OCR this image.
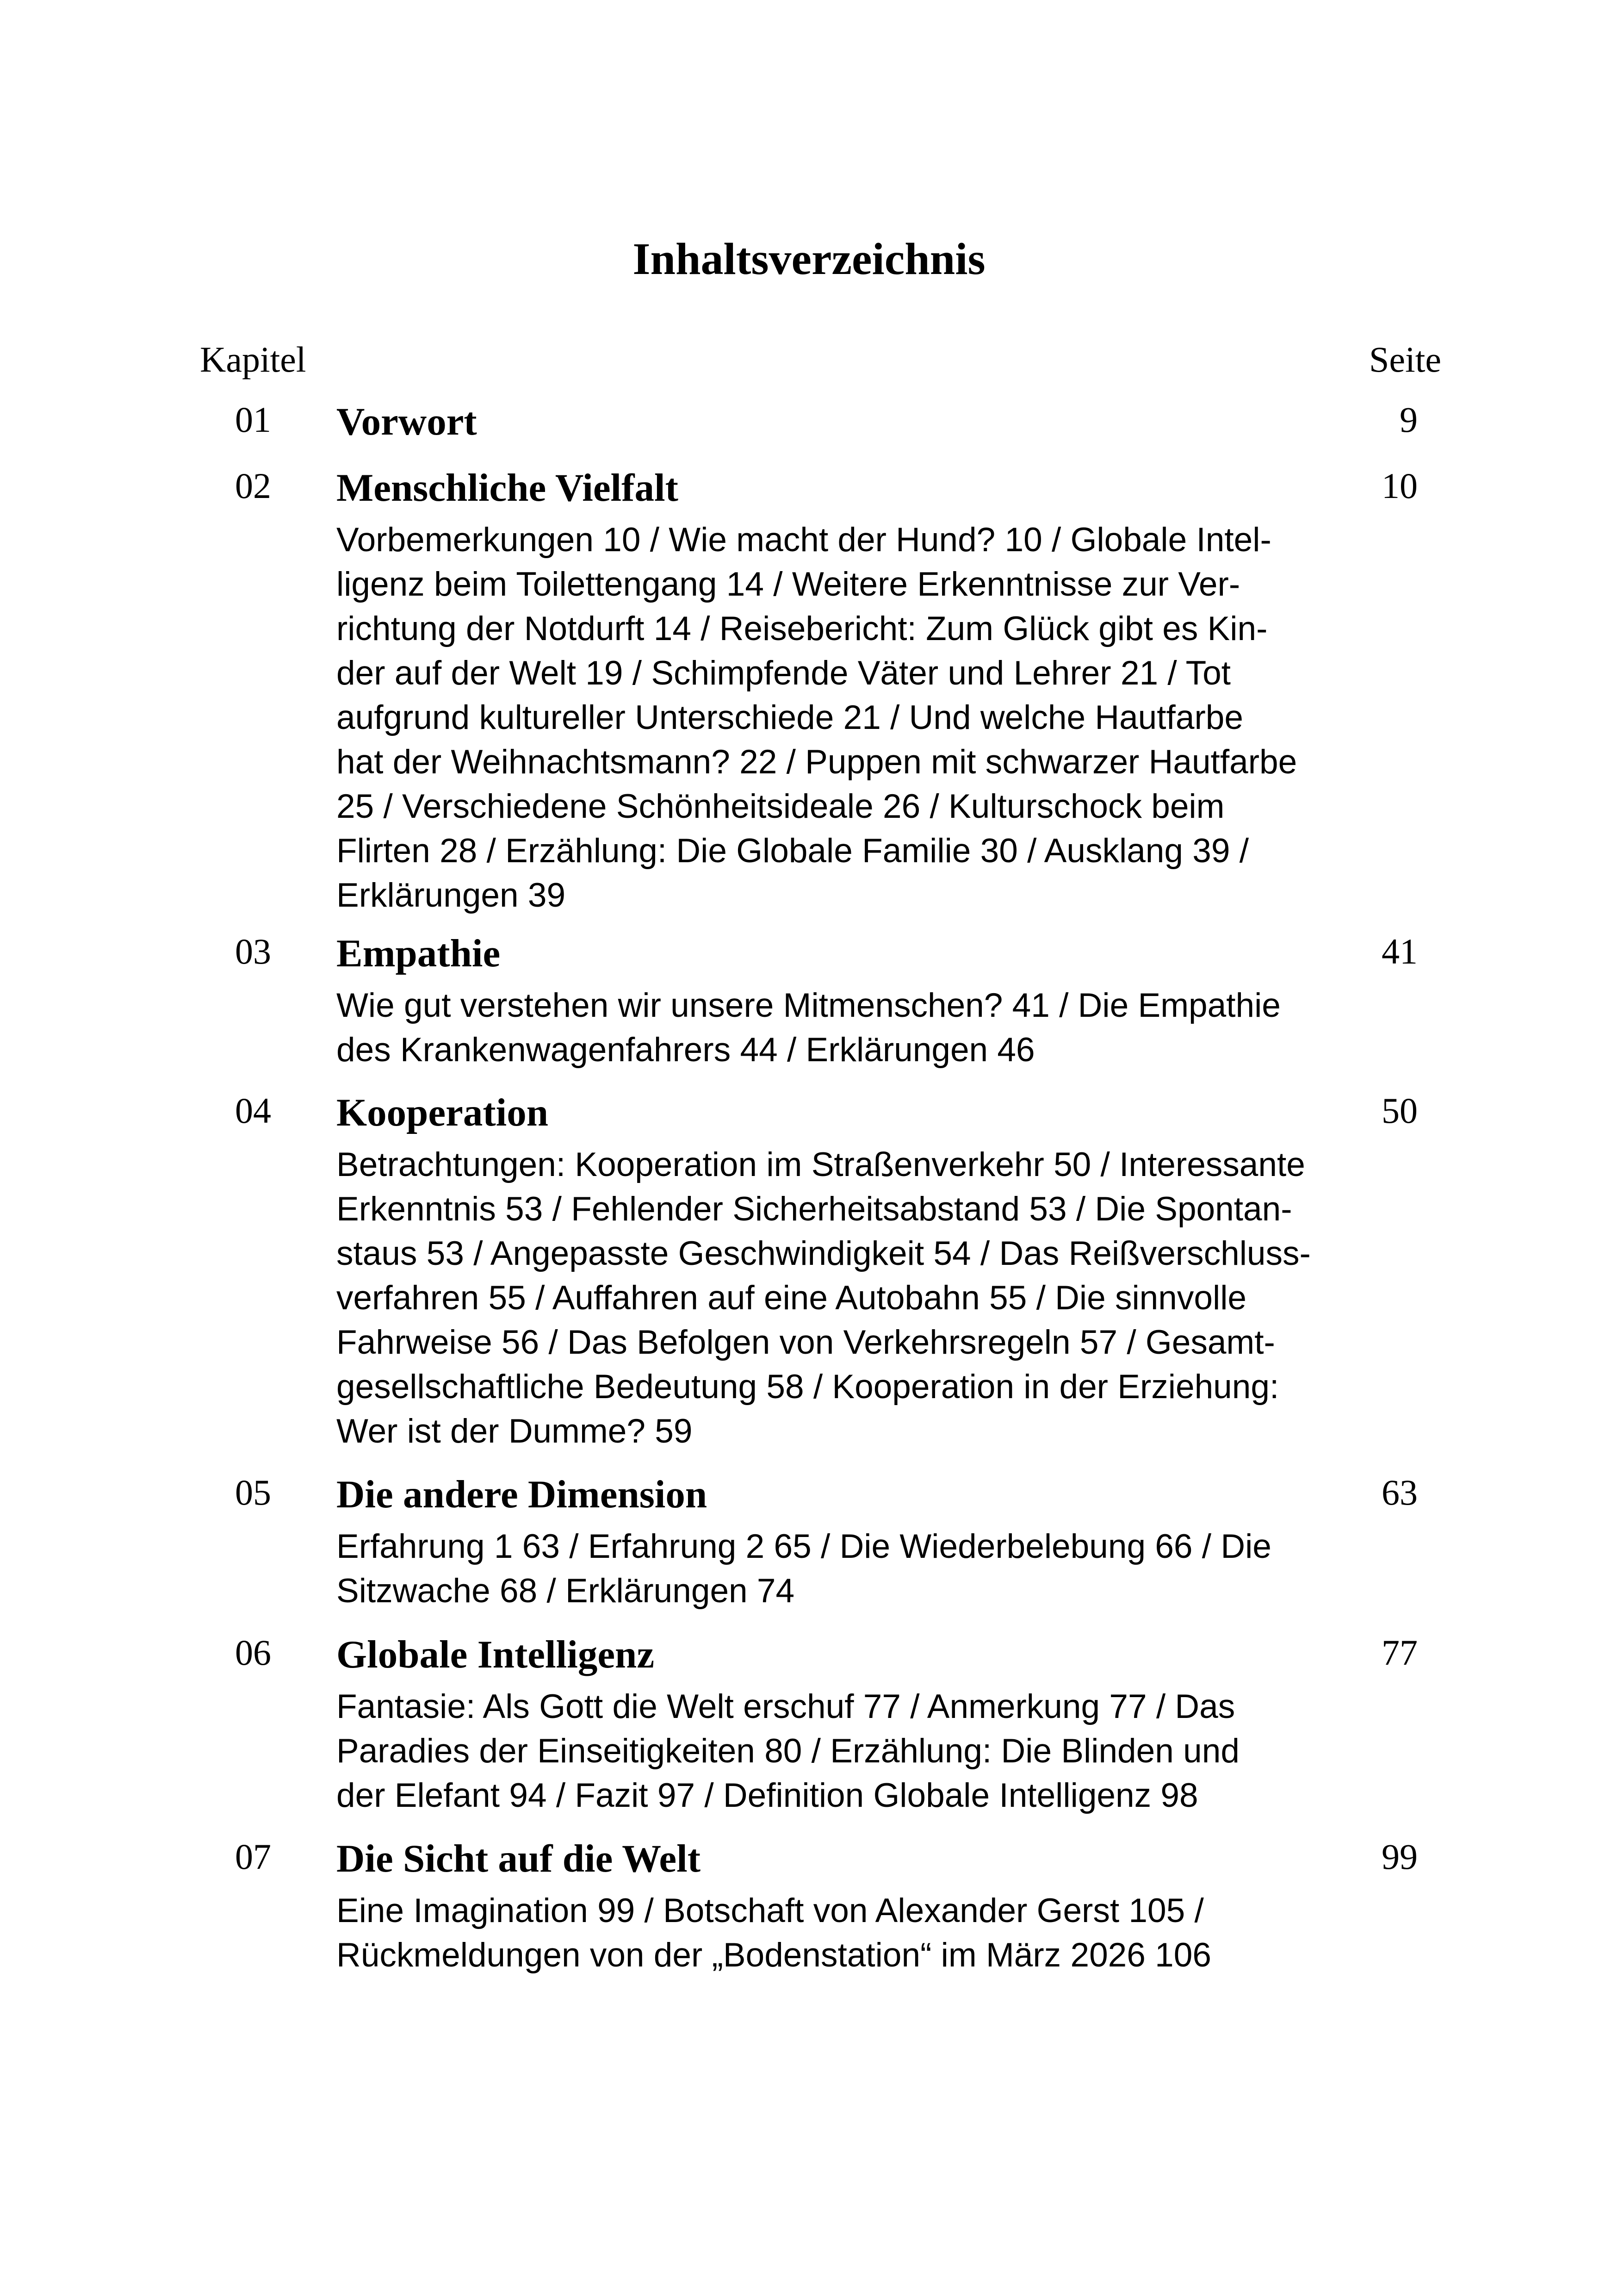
Inhaltsverzeichnis
Kapitel	Seite
01 Vorwort	9
02 Menschliche Vielfalt	10
Vorbemerkungen 10 / Wie macht der Hund? 10 / Globale Intel-
ligenz beim Toilettengang 14 / Weitere Erkenntnisse zur Ver-
richtung der Notdurft 14 / Reisebericht: Zum Glück gibt es Kin-
der auf der Welt 19 / Schimpfende Väter und Lehrer 21 / Tot
aufgrund kultureller Unterschiede 21 / Und welche Hautfarbe
hat der Weihnachtsmann? 22 / Puppen mit schwarzer Hautfarbe
25 / Verschiedene Schönheitsideale 26 / Kulturschock beim
Flirten 28 / Erzählung: Die Globale Familie 30 / Ausklang 39 /
Erklärungen 39
03 Empathie	41
Wie gut verstehen wir unsere Mitmenschen? 41 / Die Empathie
des Krankenwagenfahrers 44 / Erklärungen 46
04 Kooperation	50
Betrachtungen: Kooperation im Straßenverkehr 50 / Interessante
Erkenntnis 53 / Fehlender Sicherheitsabstand 53 / Die Spontan-
staus 53 / Angepasste Geschwindigkeit 54 / Das Reißverschluss-
verfahren 55 / Auffahren auf eine Autobahn 55 / Die sinnvolle
Fahrweise 56 / Das Befolgen von Verkehrsregeln 57 / Gesamt-
gesellschaftliche Bedeutung 58 / Kooperation in der Erziehung:
Wer ist der Dumme? 59
05 Die andere Dimension	63
Erfahrung 1 63 / Erfahrung 2 65 / Die Wiederbelebung 66 / Die
Sitzwache 68 / Erklärungen 74
06 Globale Intelligenz	77
Fantasie: Als Gott die Welt erschuf 77 / Anmerkung 77 / Das
Paradies der Einseitigkeiten 80 / Erzählung: Die Blinden und
der Elefant 94 / Fazit 97 / Definition Globale Intelligenz 98
07 Die Sicht auf die Welt	99
Eine Imagination 99 / Botschaft von Alexander Gerst 105 /
Rückmeldungen von der „Bodenstation“ im März 2026 106
